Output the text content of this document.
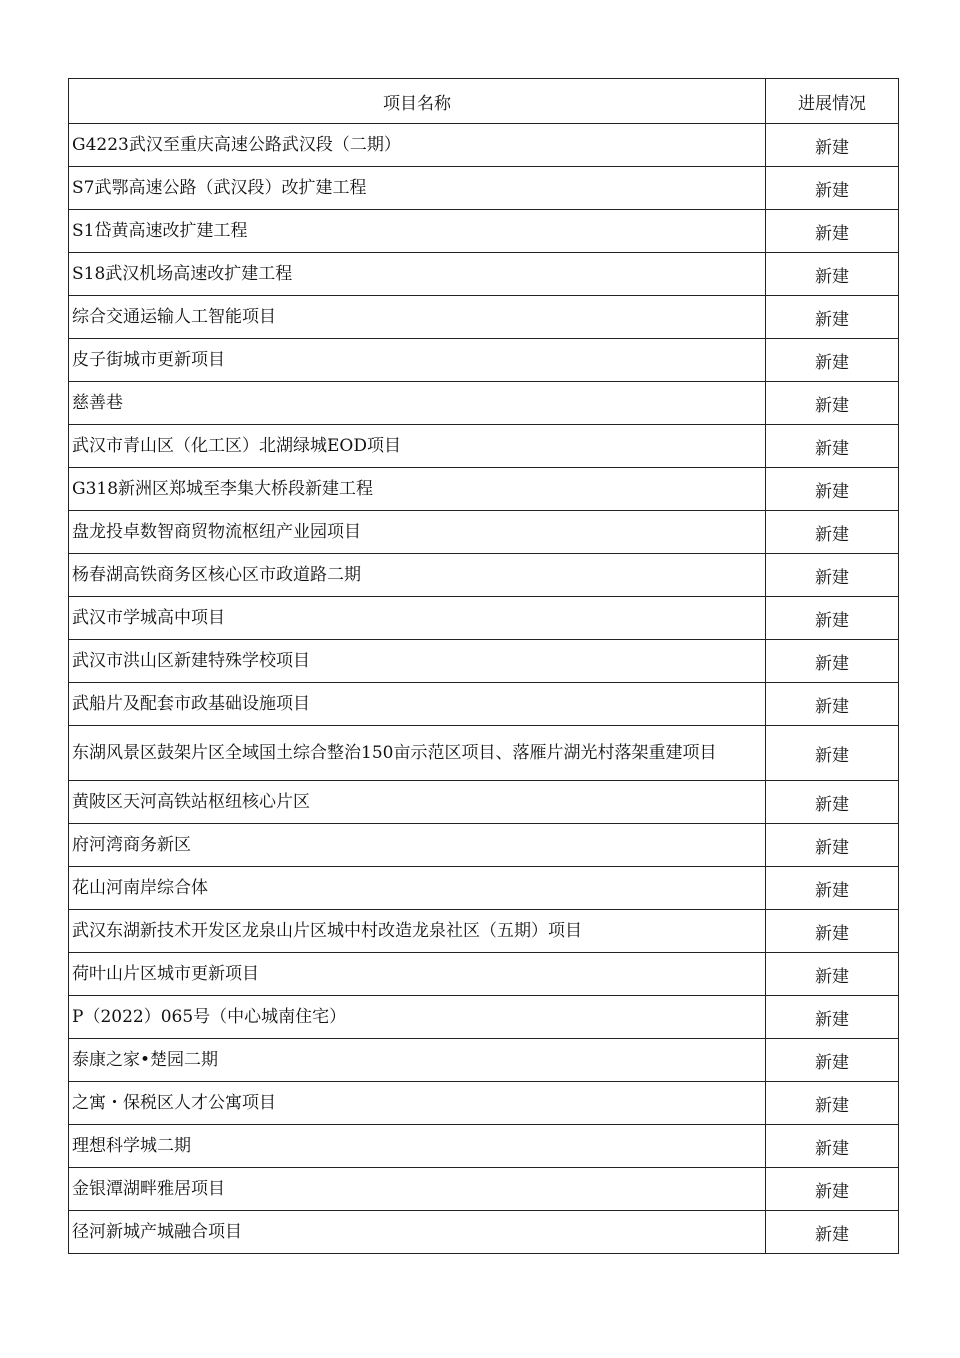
项目名称	进展情况
G4223武汉至重庆高速公路武汉段（二期）	新建
S7武鄂高速公路（武汉段）改扩建工程	新建
S1岱黄高速改扩建工程	新建
S18武汉机场高速改扩建工程	新建
综合交通运输人工智能项目	新建
皮子街城市更新项目	新建
慈善巷	新建
武汉市青山区（化工区）北湖绿城EOD项目	新建
G318新洲区郑城至李集大桥段新建工程	新建
盘龙投卓数智商贸物流枢纽产业园项目	新建
杨春湖高铁商务区核心区市政道路二期	新建
武汉市学城高中项目	新建
武汉市洪山区新建特殊学校项目	新建
武船片及配套市政基础设施项目	新建
东湖风景区鼓架片区全域国土综合整治150亩示范区项目、落雁片湖光村落架重建项目	新建
黄陂区天河高铁站枢纽核心片区	新建
府河湾商务新区	新建
花山河南岸综合体	新建
武汉东湖新技术开发区龙泉山片区城中村改造龙泉社区（五期）项目	新建
荷叶山片区城市更新项目	新建
P（2022）065号（中心城南住宅）	新建
泰康之家•楚园二期	新建
之寓・保税区人才公寓项目	新建
理想科学城二期	新建
金银潭湖畔雅居项目	新建
径河新城产城融合项目	新建
